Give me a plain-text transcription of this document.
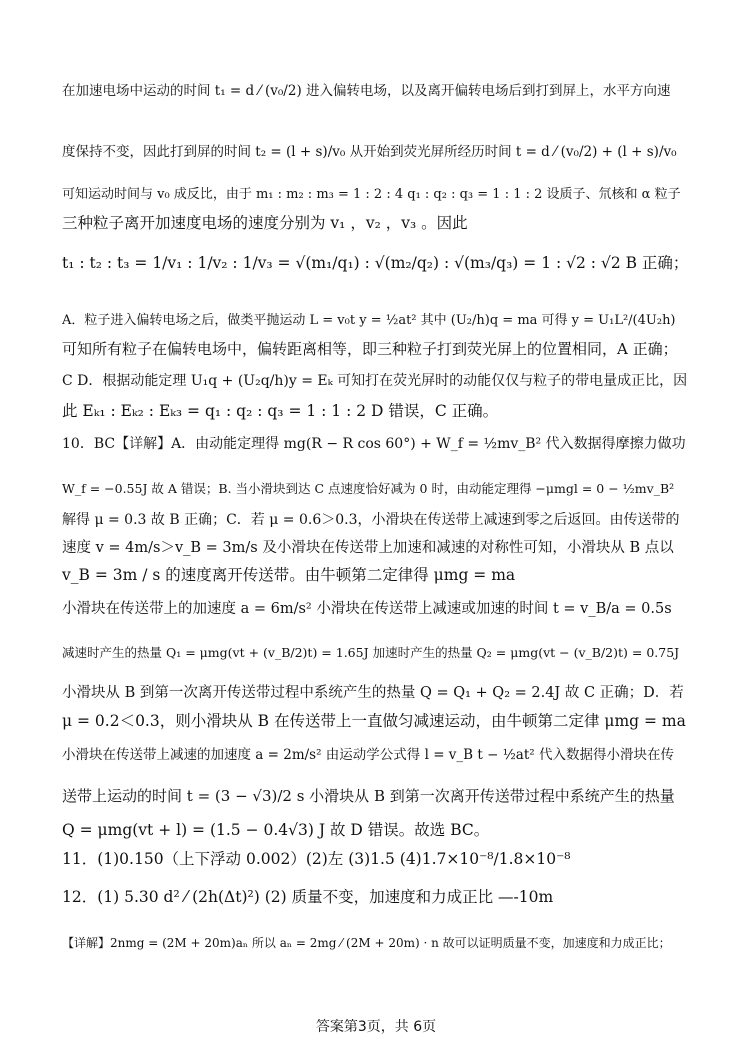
在加速电场中运动的时间 t₁ = d ⁄ (v₀/2) 进入偏转电场，以及离开偏转电场后到打到屏上，水平方向速
度保持不变，因此打到屏的时间 t₂ = (l + s)/v₀ 从开始到荧光屏所经历时间 t = d ⁄ (v₀/2) + (l + s)/v₀
可知运动时间与 v₀ 成反比，由于 m₁ : m₂ : m₃ = 1 : 2 : 4 q₁ : q₂ : q₃ = 1 : 1 : 2 设质子、氘核和 α 粒子
三种粒子离开加速度电场的速度分别为 v₁ ，v₂ ，v₃ 。因此
t₁ : t₂ : t₃ = 1/v₁ : 1/v₂ : 1/v₃ = √(m₁/q₁) : √(m₂/q₂) : √(m₃/q₃) = 1 : √2 : √2 B 正确；
A．粒子进入偏转电场之后，做类平抛运动 L = v₀t y = ½at² 其中 (U₂/h)q = ma 可得 y = U₁L²/(4U₂h)
可知所有粒子在偏转电场中，偏转距离相等，即三种粒子打到荧光屏上的位置相同，A 正确；
C D．根据动能定理 U₁q + (U₂q/h)y = Eₖ 可知打在荧光屏时的动能仅仅与粒子的带电量成正比，因
此 Eₖ₁ : Eₖ₂ : Eₖ₃ = q₁ : q₂ : q₃ = 1 : 1 : 2 D 错误，C 正确。
10．BC【详解】A．由动能定理得 mg(R − R cos 60°) + W_f = ½mv_B² 代入数据得摩擦力做功
W_f = −0.55J 故 A 错误；B. 当小滑块到达 C 点速度恰好减为 0 时，由动能定理得 −μmgl = 0 − ½mv_B²
解得 μ = 0.3 故 B 正确；C．若 μ = 0.6＞0.3，小滑块在传送带上减速到零之后返回。由传送带的
速度 v = 4m/s＞v_B = 3m/s 及小滑块在传送带上加速和减速的对称性可知，小滑块从 B 点以
v_B = 3m / s 的速度离开传送带。由牛顿第二定律得 μmg = ma
小滑块在传送带上的加速度 a = 6m/s² 小滑块在传送带上减速或加速的时间 t = v_B/a = 0.5s
减速时产生的热量 Q₁ = μmg(vt + (v_B/2)t) = 1.65J 加速时产生的热量 Q₂ = μmg(vt − (v_B/2)t) = 0.75J
小滑块从 B 到第一次离开传送带过程中系统产生的热量 Q = Q₁ + Q₂ = 2.4J 故 C 正确；D．若
μ = 0.2＜0.3，则小滑块从 B 在传送带上一直做匀减速运动，由牛顿第二定律 μmg = ma
小滑块在传送带上减速的加速度 a = 2m/s² 由运动学公式得 l = v_B t − ½at² 代入数据得小滑块在传
送带上运动的时间 t = (3 − √3)/2 s 小滑块从 B 到第一次离开传送带过程中系统产生的热量
Q = μmg(vt + l) = (1.5 − 0.4√3) J 故 D 错误。故选 BC。
11．(1)0.150（上下浮动 0.002）(2)左 (3)1.5 (4)1.7×10⁻⁸/1.8×10⁻⁸
12．(1) 5.30 d² ⁄ (2h(Δt)²) (2) 质量不变，加速度和力成正比 —-10m
【详解】2nmg = (2M + 20m)aₙ 所以 aₙ = 2mg ⁄ (2M + 20m) · n 故可以证明质量不变，加速度和力成正比；
答案第3页，共 6页
